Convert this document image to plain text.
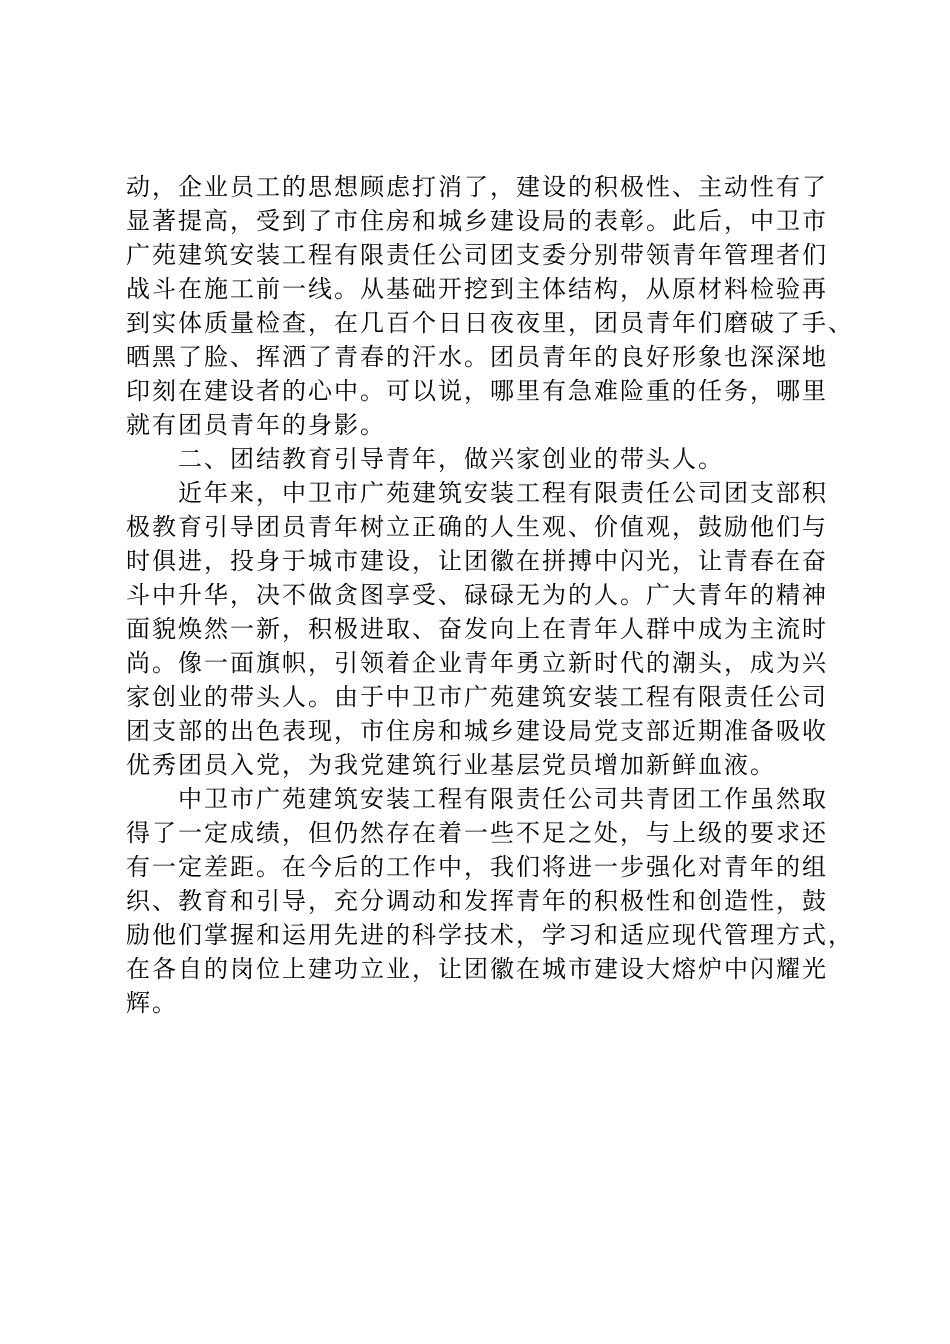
动，企业员工的思想顾虑打消了，建设的积极性、主动性有了
显著提高，受到了市住房和城乡建设局的表彰。此后，中卫市
广苑建筑安装工程有限责任公司团支委分别带领青年管理者们
战斗在施工前一线。从基础开挖到主体结构，从原材料检验再
到实体质量检查，在几百个日日夜夜里，团员青年们磨破了手、
晒黑了脸、挥洒了青春的汗水。团员青年的良好形象也深深地
印刻在建设者的心中。可以说，哪里有急难险重的任务，哪里
就有团员青年的身影。
　　二、团结教育引导青年，做兴家创业的带头人。
　　近年来，中卫市广苑建筑安装工程有限责任公司团支部积
极教育引导团员青年树立正确的人生观、价值观，鼓励他们与
时俱进，投身于城市建设，让团徽在拼搏中闪光，让青春在奋
斗中升华，决不做贪图享受、碌碌无为的人。广大青年的精神
面貌焕然一新，积极进取、奋发向上在青年人群中成为主流时
尚。像一面旗帜，引领着企业青年勇立新时代的潮头，成为兴
家创业的带头人。由于中卫市广苑建筑安装工程有限责任公司
团支部的出色表现，市住房和城乡建设局党支部近期准备吸收
优秀团员入党，为我党建筑行业基层党员增加新鲜血液。
　　中卫市广苑建筑安装工程有限责任公司共青团工作虽然取
得了一定成绩，但仍然存在着一些不足之处，与上级的要求还
有一定差距。在今后的工作中，我们将进一步强化对青年的组
织、教育和引导，充分调动和发挥青年的积极性和创造性，鼓
励他们掌握和运用先进的科学技术，学习和适应现代管理方式，
在各自的岗位上建功立业，让团徽在城市建设大熔炉中闪耀光
辉。
